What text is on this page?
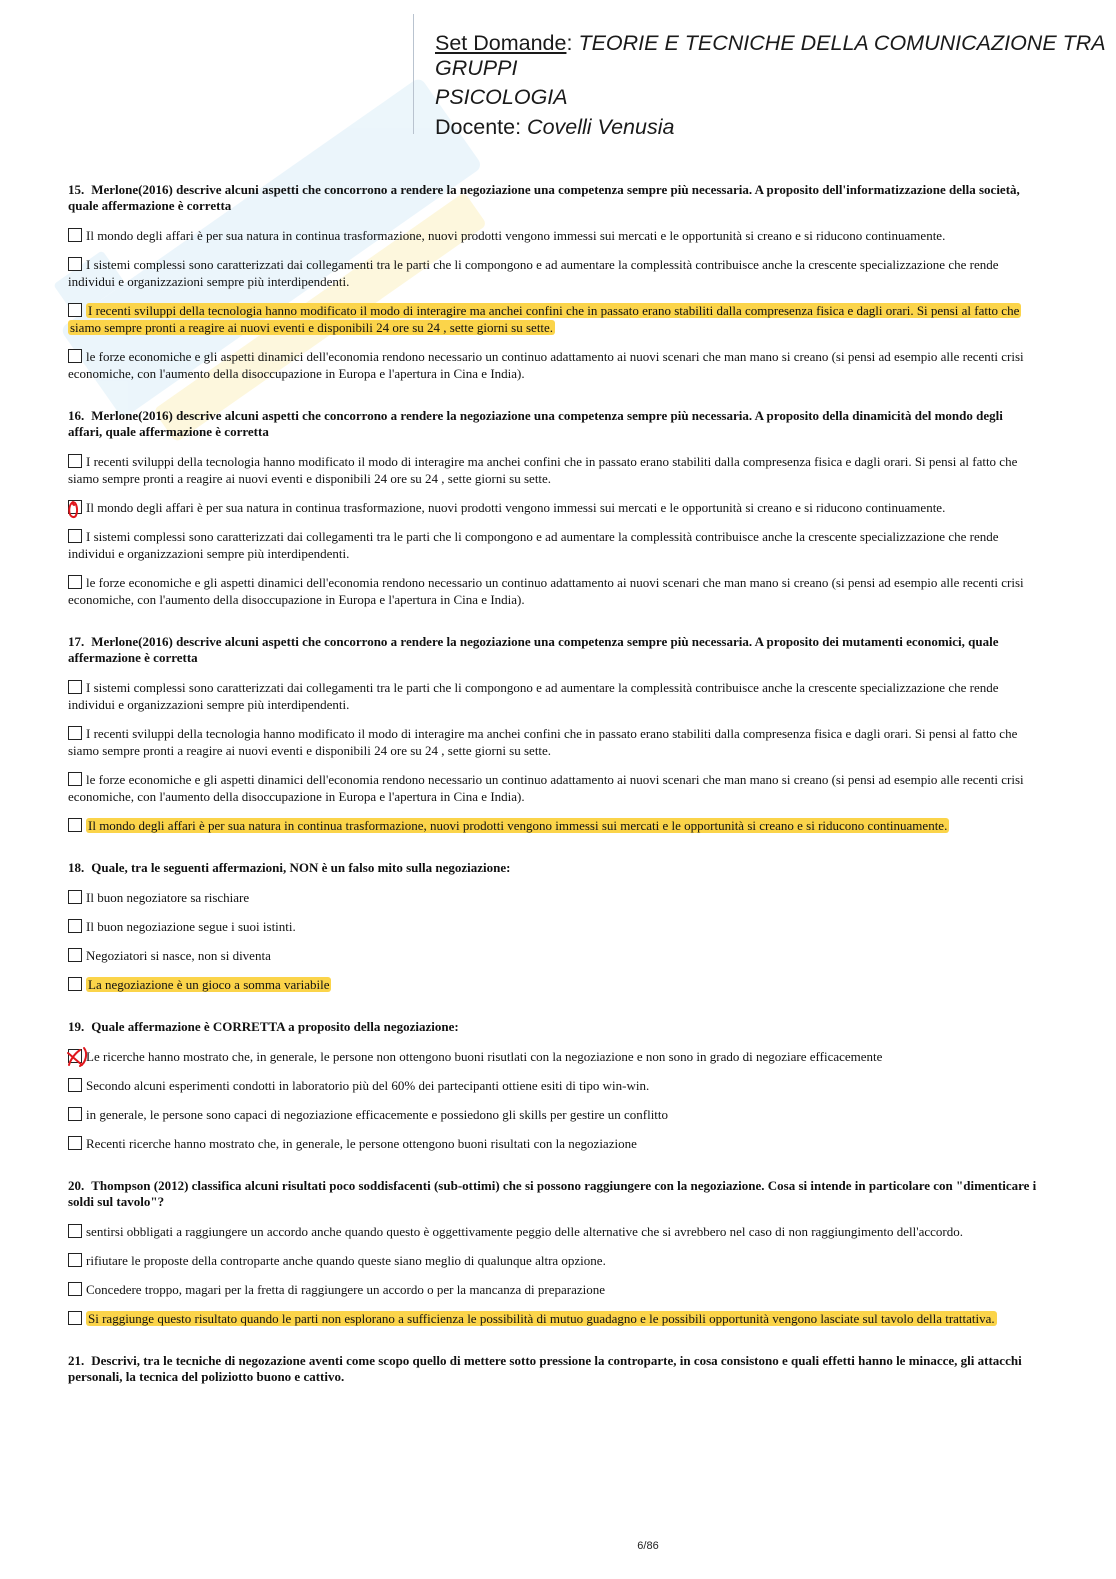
Set Domande: TEORIE E TECNICHE DELLA COMUNICAZIONE TRA
GRUPPI
PSICOLOGIA
Docente: Covelli Venusia
15. Merlone(2016) descrive alcuni aspetti che concorrono a rendere la negoziazione una competenza sempre più necessaria. A proposito dell'informatizzazione della società, quale affermazione è corretta
Il mondo degli affari è per sua natura in continua trasformazione, nuovi prodotti vengono immessi sui mercati e le opportunità si creano e si riducono continuamente.
I sistemi complessi sono caratterizzati dai collegamenti tra le parti che li compongono e ad aumentare la complessità contribuisce anche la crescente specializzazione che rende individui e organizzazioni sempre più interdipendenti.
I recenti sviluppi della tecnologia hanno modificato il modo di interagire ma anchei confini che in passato erano stabiliti dalla compresenza fisica e dagli orari. Si pensi al fatto che siamo sempre pronti a reagire ai nuovi eventi e disponibili 24 ore su 24 , sette giorni su sette.
le forze economiche e gli aspetti dinamici dell'economia rendono necessario un continuo adattamento ai nuovi scenari che man mano si creano (si pensi ad esempio alle recenti crisi economiche, con l'aumento della disoccupazione in Europa e l'apertura in Cina e India).
16. Merlone(2016) descrive alcuni aspetti che concorrono a rendere la negoziazione una competenza sempre più necessaria. A proposito della dinamicità del mondo degli affari, quale affermazione è corretta
I recenti sviluppi della tecnologia hanno modificato il modo di interagire ma anchei confini che in passato erano stabiliti dalla compresenza fisica e dagli orari. Si pensi al fatto che siamo sempre pronti a reagire ai nuovi eventi e disponibili 24 ore su 24 , sette giorni su sette.
Il mondo degli affari è per sua natura in continua trasformazione, nuovi prodotti vengono immessi sui mercati e le opportunità si creano e si riducono continuamente.
I sistemi complessi sono caratterizzati dai collegamenti tra le parti che li compongono e ad aumentare la complessità contribuisce anche la crescente specializzazione che rende individui e organizzazioni sempre più interdipendenti.
le forze economiche e gli aspetti dinamici dell'economia rendono necessario un continuo adattamento ai nuovi scenari che man mano si creano (si pensi ad esempio alle recenti crisi economiche, con l'aumento della disoccupazione in Europa e l'apertura in Cina e India).
17. Merlone(2016) descrive alcuni aspetti che concorrono a rendere la negoziazione una competenza sempre più necessaria. A proposito dei mutamenti economici, quale affermazione è corretta
I sistemi complessi sono caratterizzati dai collegamenti tra le parti che li compongono e ad aumentare la complessità contribuisce anche la crescente specializzazione che rende individui e organizzazioni sempre più interdipendenti.
I recenti sviluppi della tecnologia hanno modificato il modo di interagire ma anchei confini che in passato erano stabiliti dalla compresenza fisica e dagli orari. Si pensi al fatto che siamo sempre pronti a reagire ai nuovi eventi e disponibili 24 ore su 24 , sette giorni su sette.
le forze economiche e gli aspetti dinamici dell'economia rendono necessario un continuo adattamento ai nuovi scenari che man mano si creano (si pensi ad esempio alle recenti crisi economiche, con l'aumento della disoccupazione in Europa e l'apertura in Cina e India).
Il mondo degli affari è per sua natura in continua trasformazione, nuovi prodotti vengono immessi sui mercati e le opportunità si creano e si riducono continuamente.
18. Quale, tra le seguenti affermazioni, NON è un falso mito sulla negoziazione:
Il buon negoziatore sa rischiare
Il buon negoziazione segue i suoi istinti.
Negoziatori si nasce, non si diventa
La negoziazione è un gioco a somma variabile
19. Quale affermazione è CORRETTA a proposito della negoziazione:
Le ricerche hanno mostrato che, in generale, le persone non ottengono buoni risutlati con la negoziazione e non sono in grado di negoziare efficacemente
Secondo alcuni esperimenti condotti in laboratorio più del 60% dei partecipanti ottiene esiti di tipo win-win.
in generale, le persone sono capaci di negoziazione efficacemente e possiedono gli skills per gestire un conflitto
Recenti ricerche hanno mostrato che, in generale, le persone ottengono buoni risultati con la negoziazione
20. Thompson (2012) classifica alcuni risultati poco soddisfacenti (sub-ottimi) che si possono raggiungere con la negoziazione. Cosa si intende in particolare con "dimenticare i soldi sul tavolo"?
sentirsi obbligati a raggiungere un accordo anche quando questo è oggettivamente peggio delle alternative che si avrebbero nel caso di non raggiungimento dell'accordo.
rifiutare le proposte della controparte anche quando queste siano meglio di qualunque altra opzione.
Concedere troppo, magari per la fretta di raggiungere un accordo o per la mancanza di preparazione
Si raggiunge questo risultato quando le parti non esplorano a sufficienza le possibilità di mutuo guadagno e le possibili opportunità vengono lasciate sul tavolo della trattativa.
21. Descrivi, tra le tecniche di negozazione aventi come scopo quello di mettere sotto pressione la controparte, in cosa consistono e quali effetti hanno le minacce, gli attacchi personali, la tecnica del poliziotto buono e cattivo.
6/86
